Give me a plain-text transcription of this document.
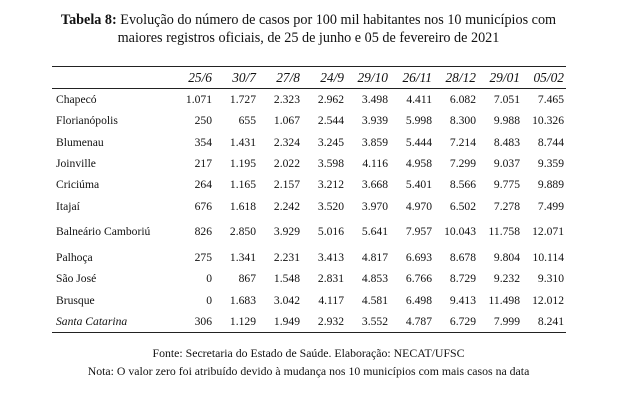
Tabela 8: Evolução do número de casos por 100 mil habitantes nos 10 municípios com
maiores registros oficiais, de 25 de junho e 05 de fevereiro de 2021
	25/6	30/7	27/8	24/9	29/10	26/11	28/12	29/01	05/02
Chapecó	1.071	1.727	2.323	2.962	3.498	4.411	6.082	7.051	7.465
Florianópolis	250	655	1.067	2.544	3.939	5.998	8.300	9.988	10.326
Blumenau	354	1.431	2.324	3.245	3.859	5.444	7.214	8.483	8.744
Joinville	217	1.195	2.022	3.598	4.116	4.958	7.299	9.037	9.359
Criciúma	264	1.165	2.157	3.212	3.668	5.401	8.566	9.775	9.889
Itajaí	676	1.618	2.242	3.520	3.970	4.970	6.502	7.278	7.499
Balneário Camboriú	826	2.850	3.929	5.016	5.641	7.957	10.043	11.758	12.071
Palhoça	275	1.341	2.231	3.413	4.817	6.693	8.678	9.804	10.114
São José	0	867	1.548	2.831	4.853	6.766	8.729	9.232	9.310
Brusque	0	1.683	3.042	4.117	4.581	6.498	9.413	11.498	12.012
Santa Catarina	306	1.129	1.949	2.932	3.552	4.787	6.729	7.999	8.241
Fonte: Secretaria do Estado de Saúde. Elaboração: NECAT/UFSC
Nota: O valor zero foi atribuído devido à mudança nos 10 municípios com mais casos na data
